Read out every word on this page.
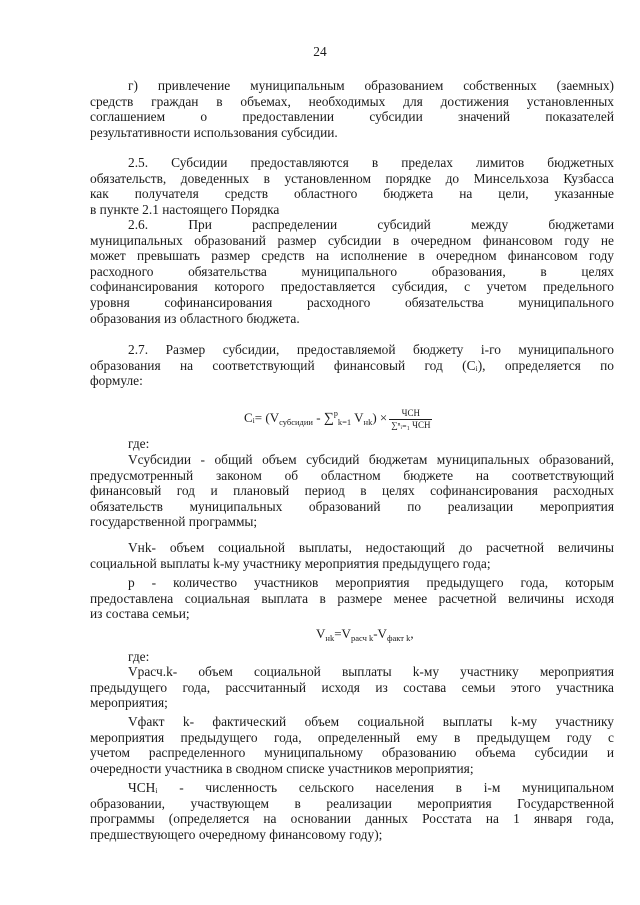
24

г) привлечение муниципальным образованием собственных (заемных)

средств граждан в объемах, необходимых для достижения установленных

соглашением о предоставлении субсидии значений показателей

результативности использования субсидии.

2.5. Субсидии предоставляются в пределах лимитов бюджетных

обязательств, доведенных в установленном порядке до Минсельхоза Кузбасса

как получателя средств областного бюджета на цели, указанные

в пункте 2.1 настоящего Порядка

2.6. При распределении субсидий между бюджетами

муниципальных образований размер субсидии в очередном финансовом году не

может превышать размер средств на исполнение в очередном финансовом году

расходного обязательства муниципального образования, в целях

софинансирования которого предоставляется субсидия, с учетом предельного

уровня софинансирования расходного обязательства муниципального

образования из областного бюджета.

2.7. Размер субсидии, предоставляемой бюджету i-го муниципального

образования на соответствующий финансовый год (Cᵢ), определяется по

формуле:

Cᵢ= ($V_{субсидии} - \sum^p_{k=1}$ $V_{нk}) \times \frac{\text{ЧСН}}{\text{∑ⁿᵢ₌₁ ЧСН}}$

где:

Vсубсидии - общий объем субсидий бюджетам муниципальных образований,

предусмотренный законом об областном бюджете на соответствующий

финансовый год и плановый период в целях софинансирования расходных

обязательств муниципальных образований по реализации мероприятия

государственной программы;

Vнk- объем социальной выплаты, недостающий до расчетной величины

социальной выплаты k-му участнику мероприятия предыдущего года;

p - количество участников мероприятия предыдущего года, которым

предоставлена социальная выплата в размере менее расчетной величины исходя

из состава семьи;

$V_{нk}=V_{расч k}-V_{факт k}$,

где:

Vрасч.k- объем социальной выплаты k-му участнику мероприятия

предыдущего года, рассчитанный исходя из состава семьи этого участника

мероприятия;

Vфакт k- фактический объем социальной выплаты k-му участнику

мероприятия предыдущего года, определенный ему в предыдущем году с

учетом распределенного муниципальному образованию объема субсидии и

очередности участника в сводном списке участников мероприятия;

ЧСНᵢ - численность сельского населения в i-м муниципальном

образовании, участвующем в реализации мероприятия Государственной

программы (определяется на основании данных Росстата на 1 января года,

предшествующего очередному финансовому году);
